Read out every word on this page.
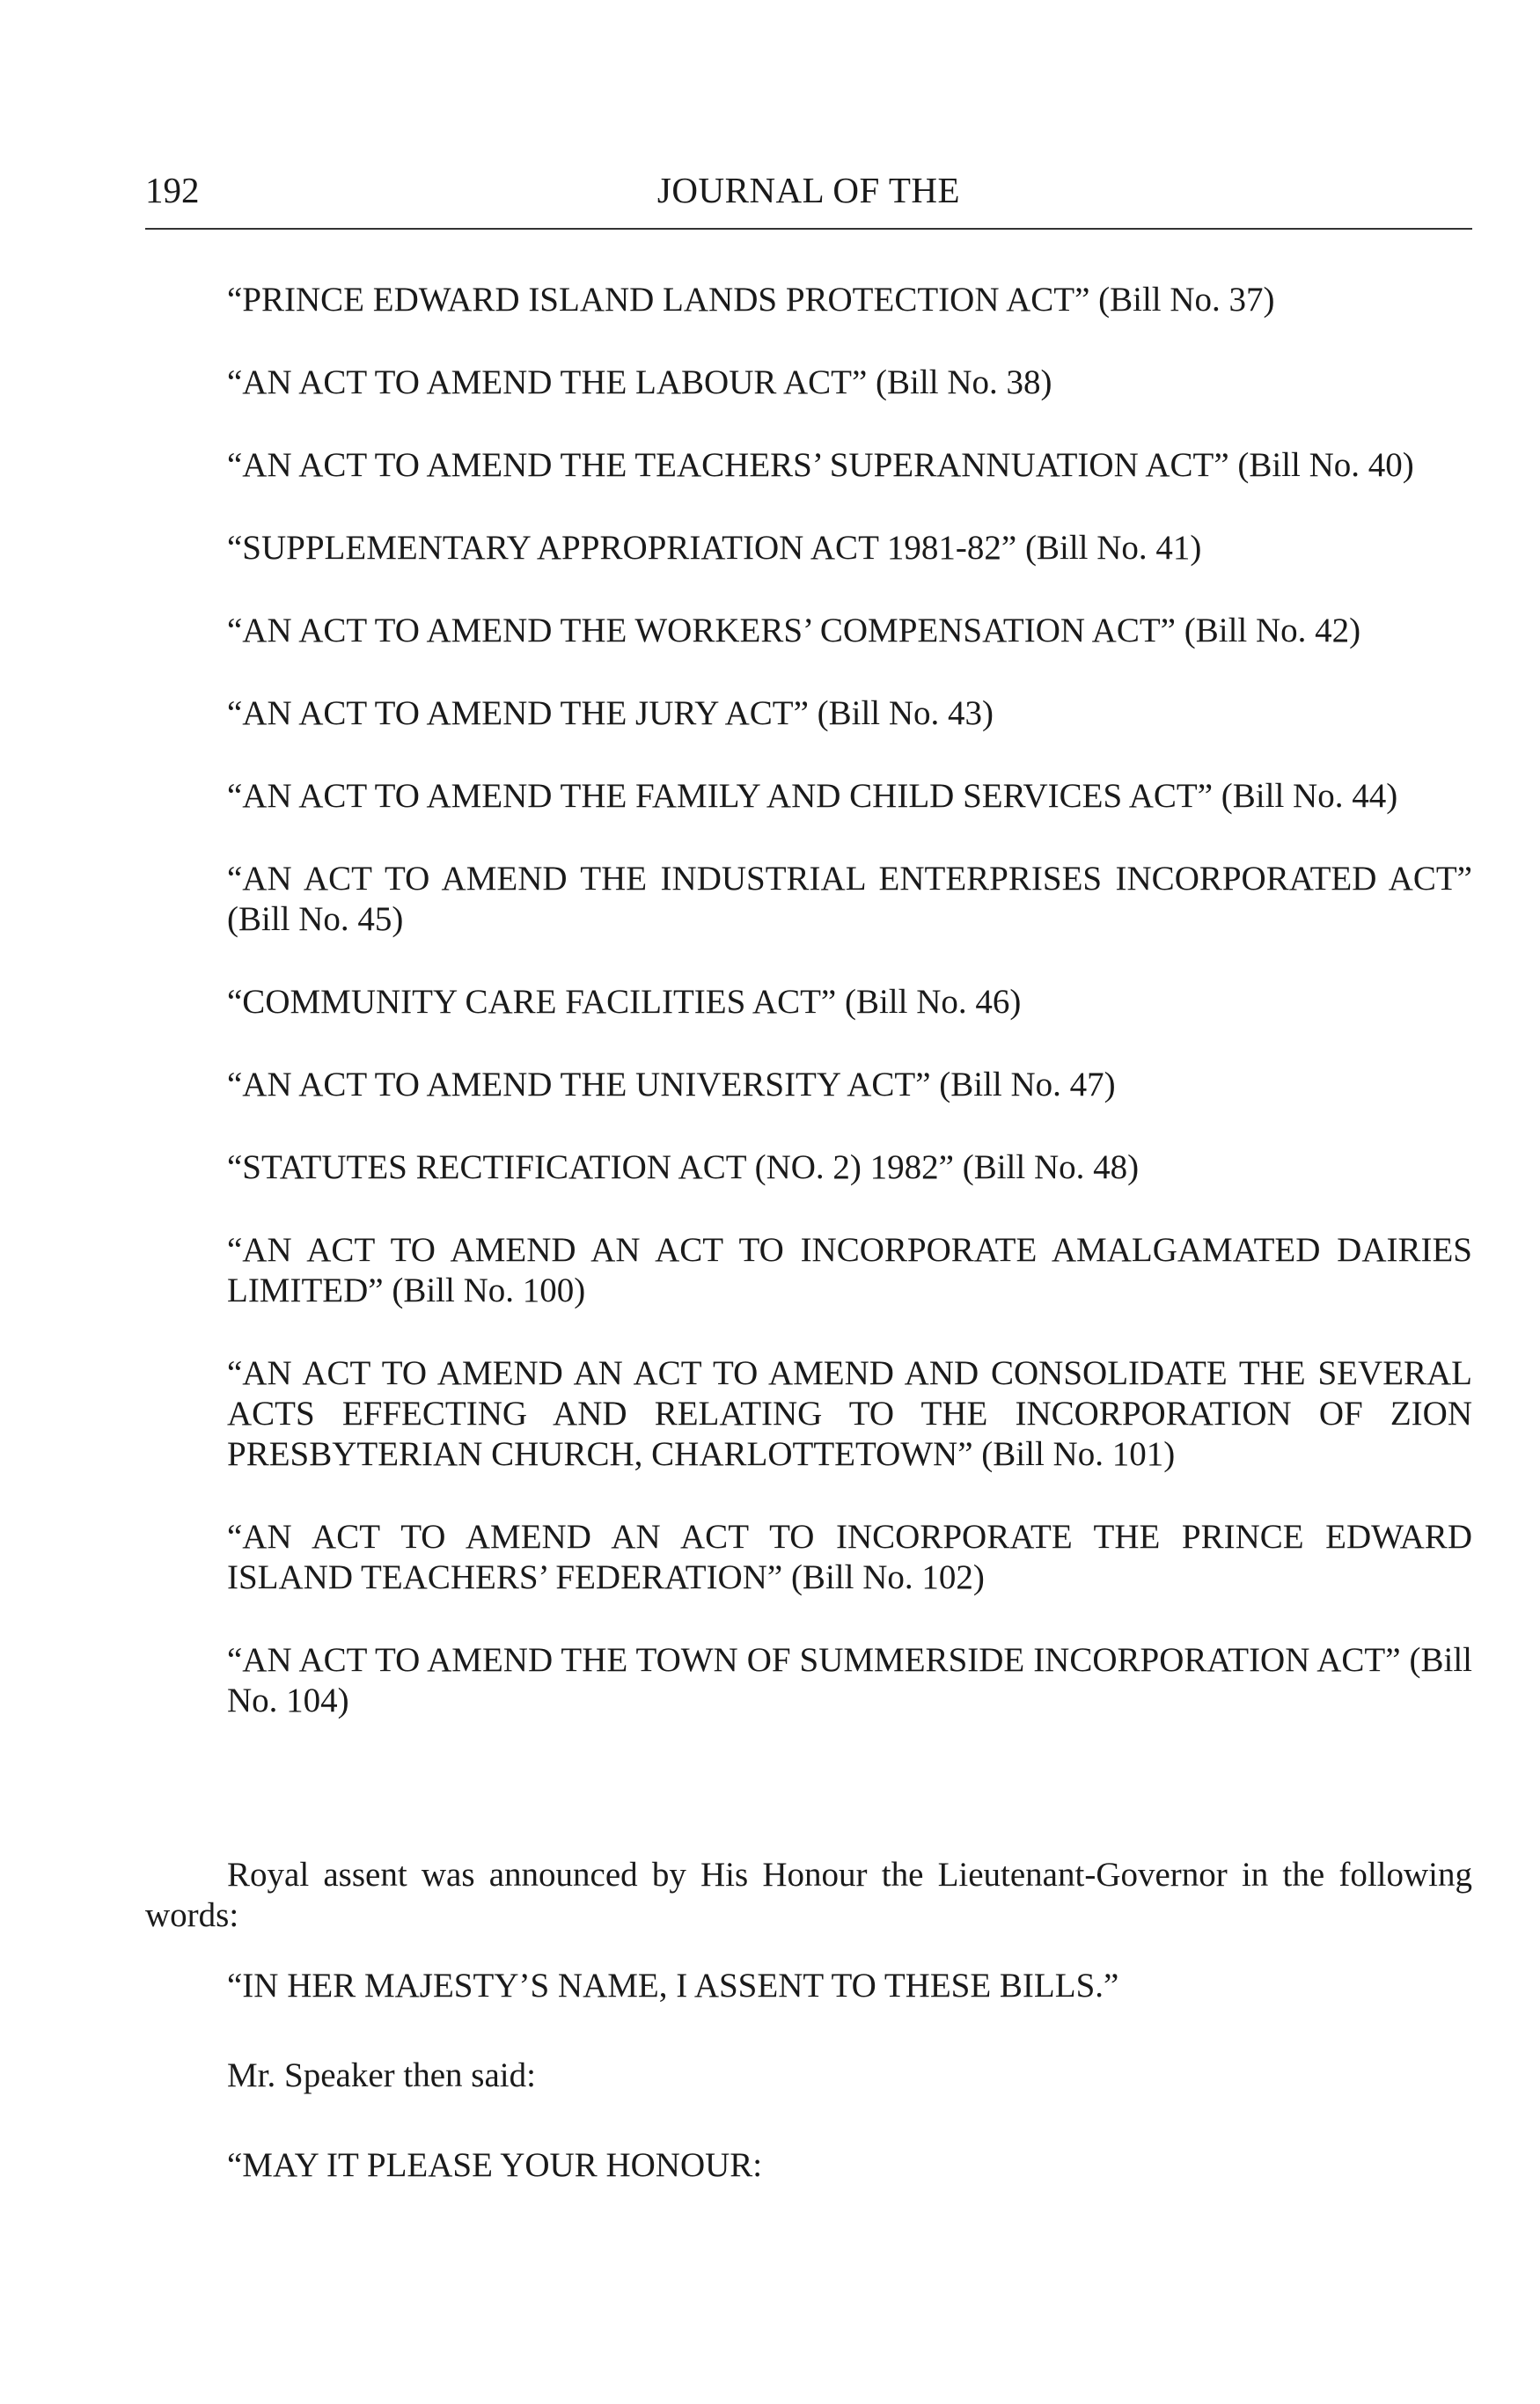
192	JOURNAL OF THE
“PRINCE EDWARD ISLAND LANDS PROTECTION ACT” (Bill No. 37)
“AN ACT TO AMEND THE LABOUR ACT” (Bill No. 38)
“AN ACT TO AMEND THE TEACHERS’ SUPERANNUATION ACT” (Bill No. 40)
“SUPPLEMENTARY APPROPRIATION ACT 1981-82” (Bill No. 41)
“AN ACT TO AMEND THE WORKERS’ COMPENSATION ACT” (Bill No. 42)
“AN ACT TO AMEND THE JURY ACT” (Bill No. 43)
“AN ACT TO AMEND THE FAMILY AND CHILD SERVICES ACT” (Bill No. 44)
“AN ACT TO AMEND THE INDUSTRIAL ENTERPRISES INCORPORATED ACT” (Bill No. 45)
“COMMUNITY CARE FACILITIES ACT” (Bill No. 46)
“AN ACT TO AMEND THE UNIVERSITY ACT” (Bill No. 47)
“STATUTES RECTIFICATION ACT (NO. 2) 1982” (Bill No. 48)
“AN ACT TO AMEND AN ACT TO INCORPORATE AMALGAMATED DAIRIES LIMITED” (Bill No. 100)
“AN ACT TO AMEND AN ACT TO AMEND AND CONSOLIDATE THE SEVERAL ACTS EFFECTING AND RELATING TO THE INCORPORATION OF ZION PRESBYTERIAN CHURCH, CHARLOTTETOWN” (Bill No. 101)
“AN ACT TO AMEND AN ACT TO INCORPORATE THE PRINCE EDWARD ISLAND TEACHERS’ FEDERATION” (Bill No. 102)
“AN ACT TO AMEND THE TOWN OF SUMMERSIDE INCORPORATION ACT” (Bill No. 104)

Royal assent was announced by His Honour the Lieutenant-Governor in the following words:

“IN HER MAJESTY’S NAME, I ASSENT TO THESE BILLS.”

Mr. Speaker then said:

“MAY IT PLEASE YOUR HONOUR:
